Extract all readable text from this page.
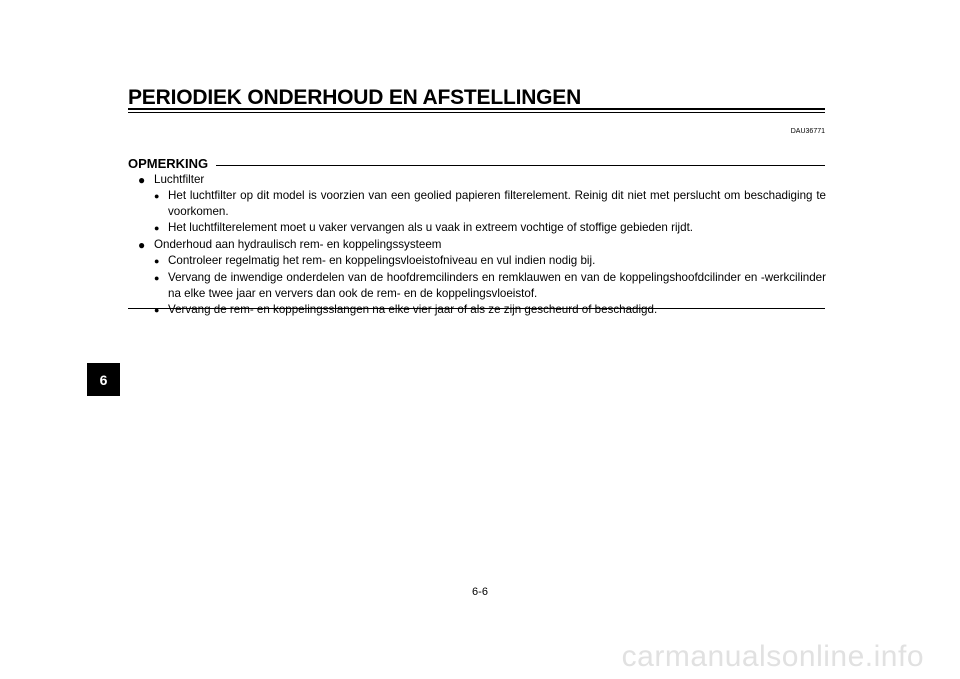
PERIODIEK ONDERHOUD EN AFSTELLINGEN
DAU36771
OPMERKING
● Luchtfilter
● Het luchtfilter op dit model is voorzien van een geolied papieren filterelement. Reinig dit niet met perslucht om beschadiging te voorkomen.
● Het luchtfilterelement moet u vaker vervangen als u vaak in extreem vochtige of stoffige gebieden rijdt.
● Onderhoud aan hydraulisch rem- en koppelingssysteem
● Controleer regelmatig het rem- en koppelingsvloeistofniveau en vul indien nodig bij.
● Vervang de inwendige onderdelen van de hoofdremcilinders en remklauwen en van de koppelingshoofdcilinder en -werkcilinder na elke twee jaar en ververs dan ook de rem- en de koppelingsvloeistof.
● Vervang de rem- en koppelingsslangen na elke vier jaar of als ze zijn gescheurd of beschadigd.
6
6-6
carmanualsonline.info
